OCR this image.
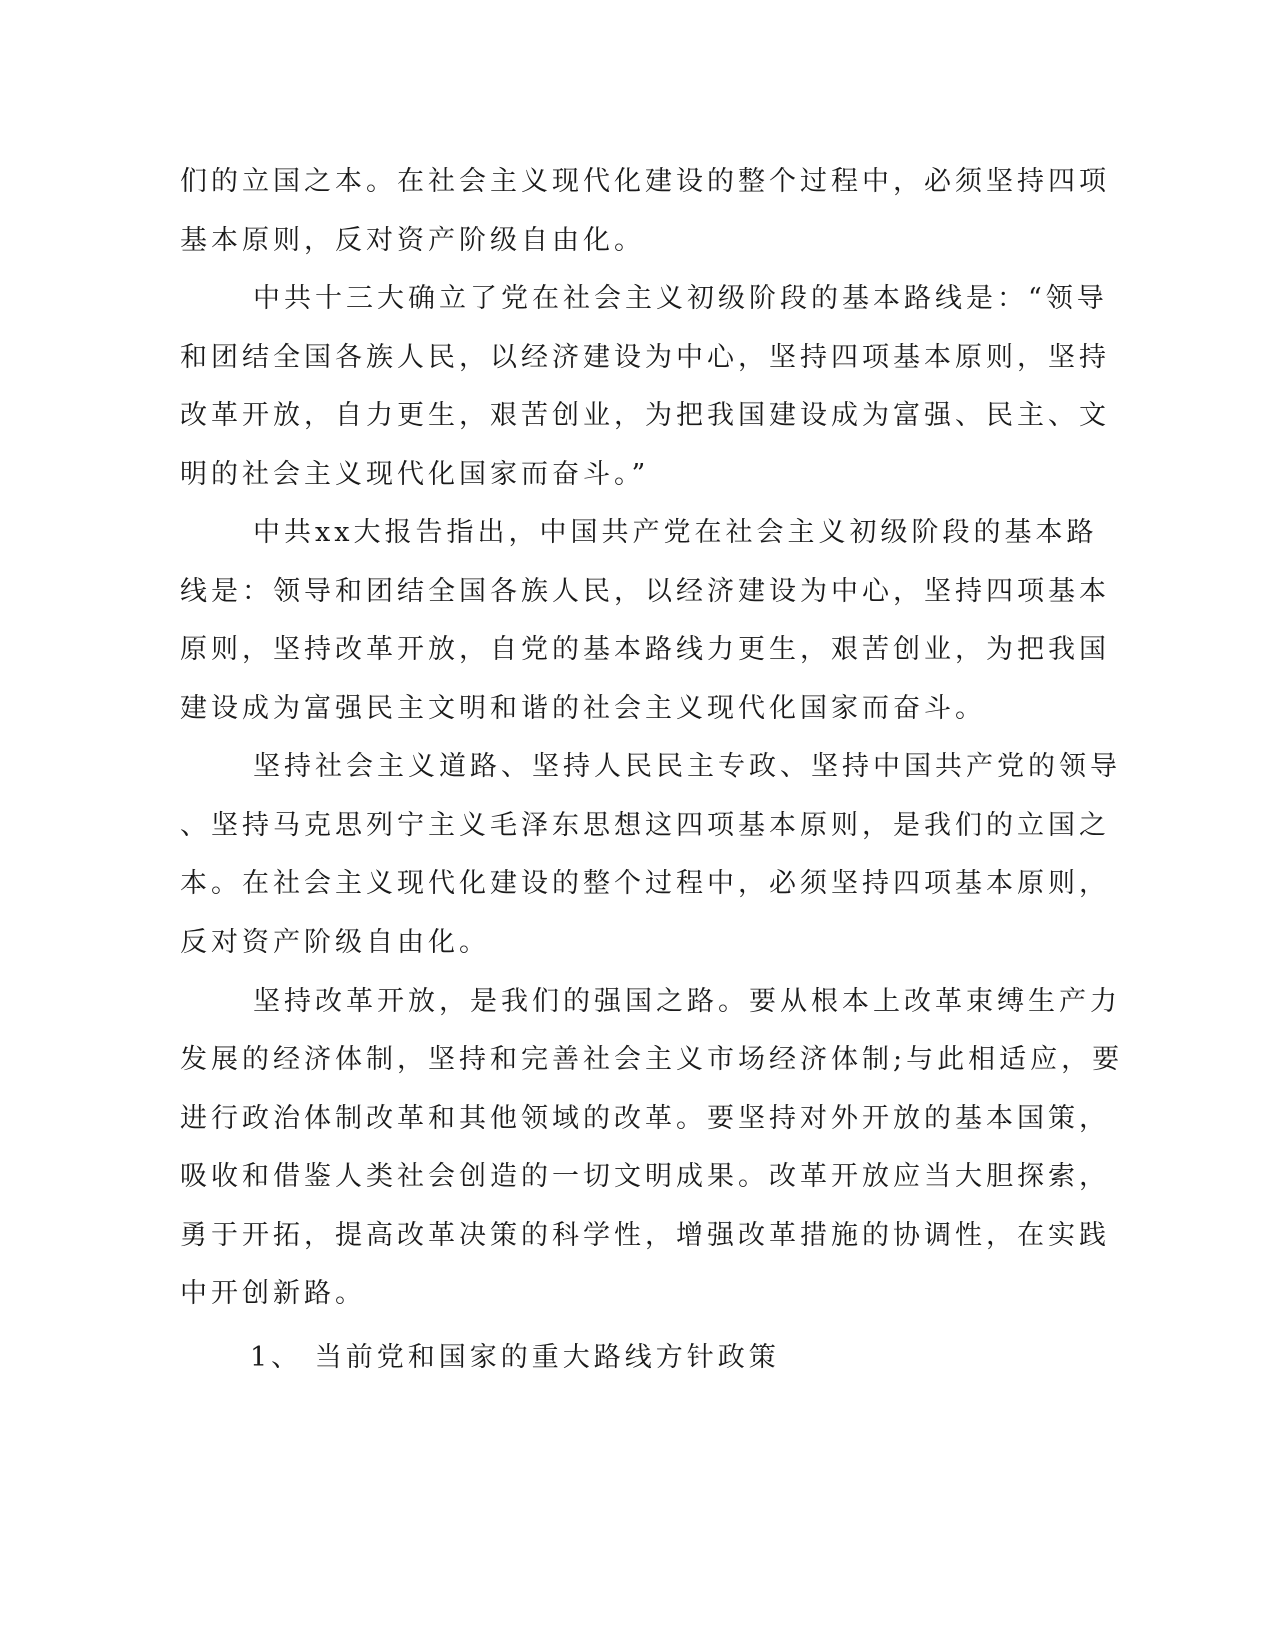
们的立国之本。在社会主义现代化建设的整个过程中，必须坚持四项
基本原则，反对资产阶级自由化。
中共十三大确立了党在社会主义初级阶段的基本路线是：“领导
和团结全国各族人民，以经济建设为中心，坚持四项基本原则，坚持
改革开放，自力更生，艰苦创业，为把我国建设成为富强、民主、文
明的社会主义现代化国家而奋斗。”
中共xx大报告指出，中国共产党在社会主义初级阶段的基本路
线是：领导和团结全国各族人民，以经济建设为中心，坚持四项基本
原则，坚持改革开放，自党的基本路线力更生，艰苦创业，为把我国
建设成为富强民主文明和谐的社会主义现代化国家而奋斗。
坚持社会主义道路、坚持人民民主专政、坚持中国共产党的领导
、坚持马克思列宁主义毛泽东思想这四项基本原则，是我们的立国之
本。在社会主义现代化建设的整个过程中，必须坚持四项基本原则，
反对资产阶级自由化。
坚持改革开放，是我们的强国之路。要从根本上改革束缚生产力
发展的经济体制，坚持和完善社会主义市场经济体制;与此相适应，要
进行政治体制改革和其他领域的改革。要坚持对外开放的基本国策，
吸收和借鉴人类社会创造的一切文明成果。改革开放应当大胆探索，
勇于开拓，提高改革决策的科学性，增强改革措施的协调性，在实践
中开创新路。
1、 当前党和国家的重大路线方针政策
